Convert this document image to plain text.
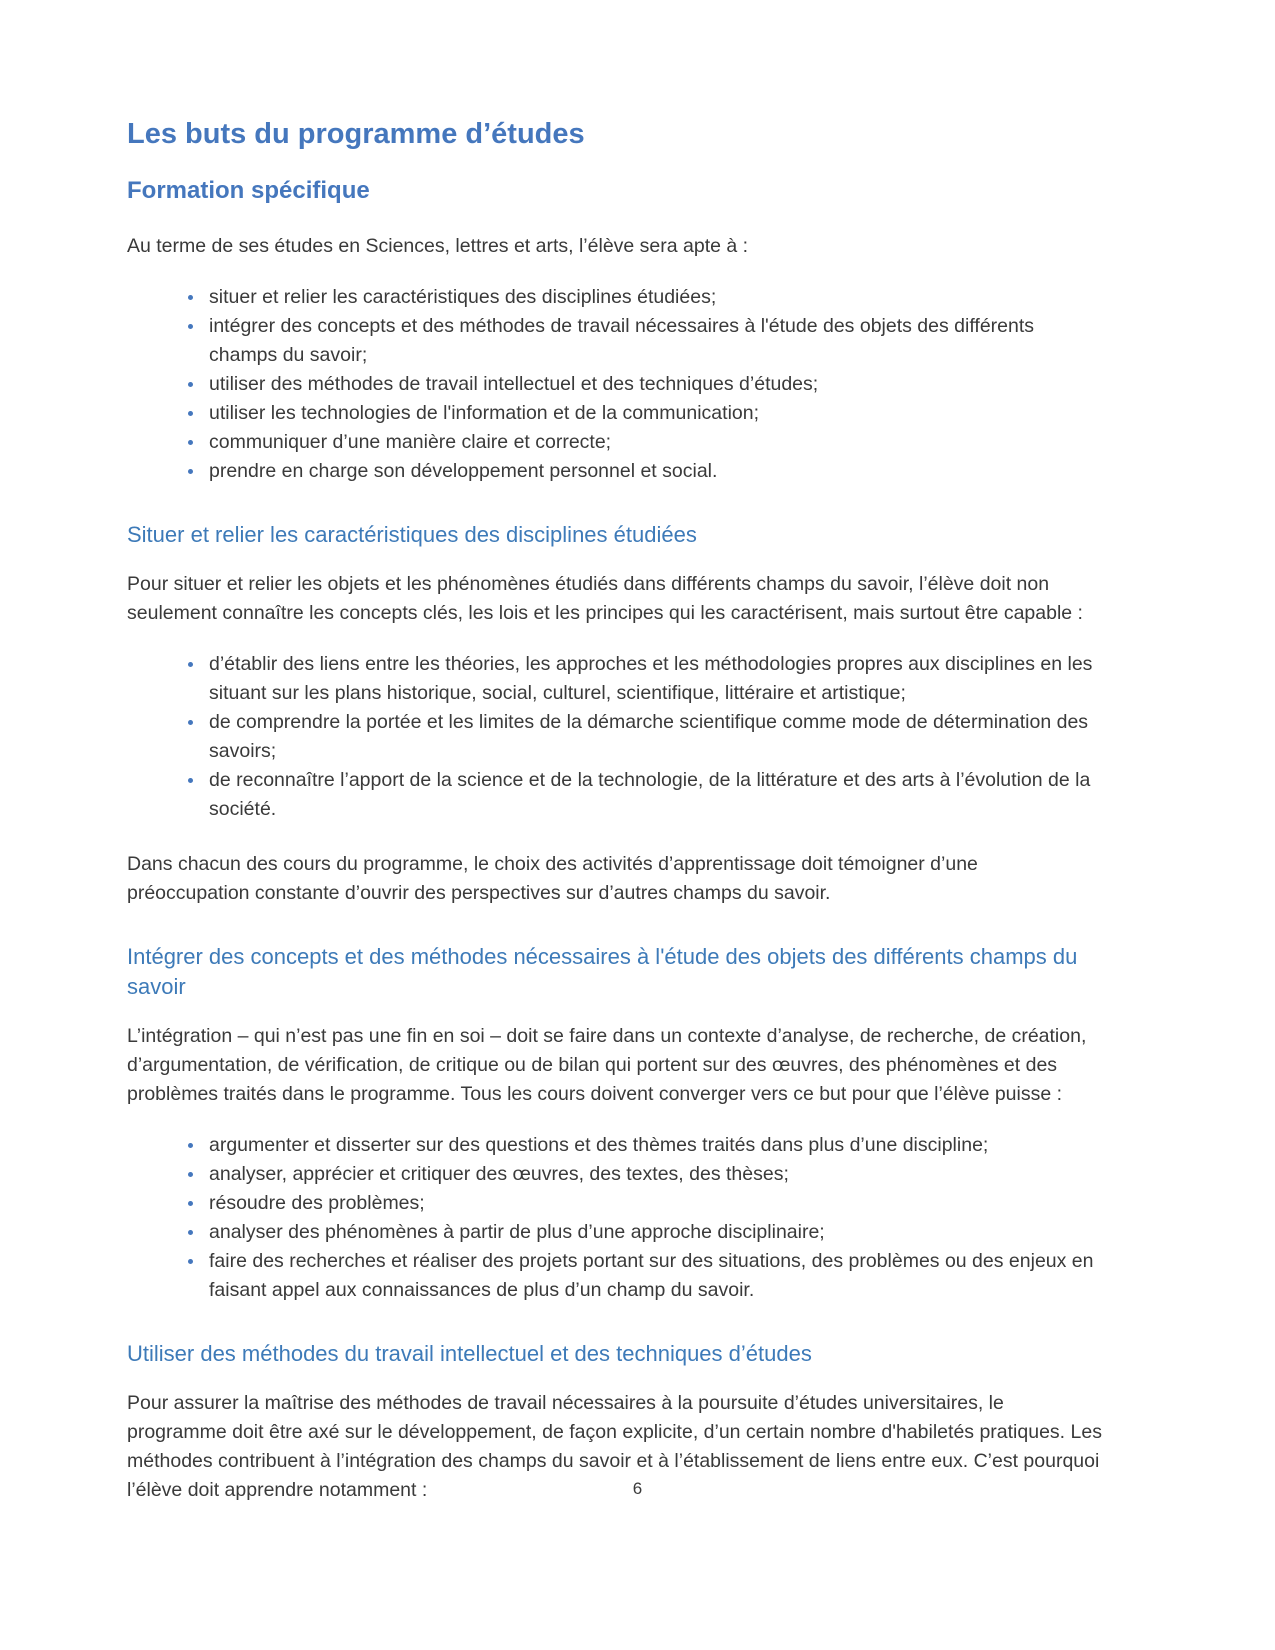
Les buts du programme d’études
Formation spécifique

Au terme de ses études en Sciences, lettres et arts, l’élève sera apte à :

• situer et relier les caractéristiques des disciplines étudiées;
• intégrer des concepts et des méthodes de travail nécessaires à l'étude des objets des différents champs du savoir;
• utiliser des méthodes de travail intellectuel et des techniques d’études;
• utiliser les technologies de l'information et de la communication;
• communiquer d’une manière claire et correcte;
• prendre en charge son développement personnel et social.
Situer et relier les caractéristiques des disciplines étudiées

Pour situer et relier les objets et les phénomènes étudiés dans différents champs du savoir, l’élève doit non seulement connaître les concepts clés, les lois et les principes qui les caractérisent, mais surtout être capable :

• d’établir des liens entre les théories, les approches et les méthodologies propres aux disciplines en les situant sur les plans historique, social, culturel, scientifique, littéraire et artistique;
• de comprendre la portée et les limites de la démarche scientifique comme mode de détermination des savoirs;
• de reconnaître l’apport de la science et de la technologie, de la littérature et des arts à l’évolution de la société.

Dans chacun des cours du programme, le choix des activités d’apprentissage doit témoigner d’une préoccupation constante d’ouvrir des perspectives sur d’autres champs du savoir.

Intégrer des concepts et des méthodes nécessaires à l'étude des objets des différents champs du savoir

L’intégration – qui n’est pas une fin en soi – doit se faire dans un contexte d’analyse, de recherche, de création, d’argumentation, de vérification, de critique ou de bilan qui portent sur des œuvres, des phénomènes et des problèmes traités dans le programme. Tous les cours doivent converger vers ce but pour que l’élève puisse :

• argumenter et disserter sur des questions et des thèmes traités dans plus d’une discipline;
• analyser, apprécier et critiquer des œuvres, des textes, des thèses;
• résoudre des problèmes;
• analyser des phénomènes à partir de plus d’une approche disciplinaire;
• faire des recherches et réaliser des projets portant sur des situations, des problèmes ou des enjeux en faisant appel aux connaissances de plus d’un champ du savoir.
Utiliser des méthodes du travail intellectuel et des techniques d’études

Pour assurer la maîtrise des méthodes de travail nécessaires à la poursuite d’études universitaires, le programme doit être axé sur le développement, de façon explicite, d’un certain nombre d'habiletés pratiques. Les méthodes contribuent à l’intégration des champs du savoir et à l’établissement de liens entre eux. C’est pourquoi l’élève doit apprendre notamment :	6
